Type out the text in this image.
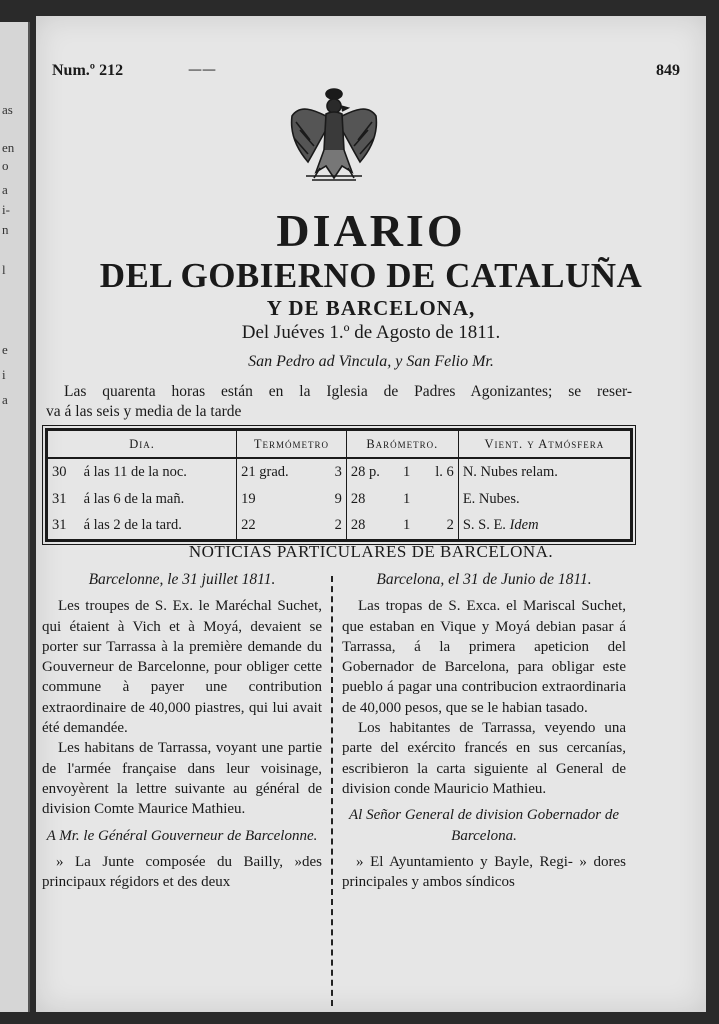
as
en
o
a
i-
n
l
e
i
a
Num.º 212	——	849
DIARIO
DEL GOBIERNO DE CATALUÑA
Y DE BARCELONA,
Del Juéves 1.º de Agosto de 1811.
San Pedro ad Vincula, y San Felio Mr.
Las quarenta horas están en la Iglesia de Padres Agonizantes; se reser-
va á las seis y media de la tarde
Dia.		Termómetro		Barómetro.			Vient. y Atmósfera
30	á las 11 de la noc.	21 grad.	3	28 p.	1	l. 6	N. Nubes relam.
31	á las 6 de la mañ.	19	9	28	1		E. Nubes.
31	á las 2 de la tard.	22	2	28	1	2	S. S. E. Idem
NOTICIAS PARTICULARES DE BARCELONA.
Barcelonne, le 31 juillet 1811.

Les troupes de S. Ex. le Maréchal Suchet, qui étaient à Vich et à Moyá, devaient se porter sur Tarrassa à la première demande du Gouverneur de Barcelonne, pour obliger cette commune à payer une contribution extraordinaire de 40,000 piastres, qui lui avait été demandée.

Les habitans de Tarrassa, voyant une partie de l'armée française dans leur voisinage, envoyèrent la lettre suivante au général de division Comte Maurice Mathieu.

A Mr. le Général Gouverneur de Barcelonne.

» La Junte composée du Bailly, »des principaux régidors et des deux

Barcelona, el 31 de Junio de 1811.

Las tropas de S. Exca. el Mariscal Suchet, que estaban en Vique y Moyá debian pasar á Tarrassa, á la primera apeticion del Gobernador de Barcelona, para obligar este pueblo á pagar una contribucion extraordinaria de 40,000 pesos, que se le habian tasado.

Los habitantes de Tarrassa, veyendo una parte del exército francés en sus cercanías, escribieron la carta siguiente al General de division conde Mauricio Mathieu.

Al Señor General de division Gobernador de Barcelona.

» El Ayuntamiento y Bayle, Regi- » dores principales y ambos síndicos
